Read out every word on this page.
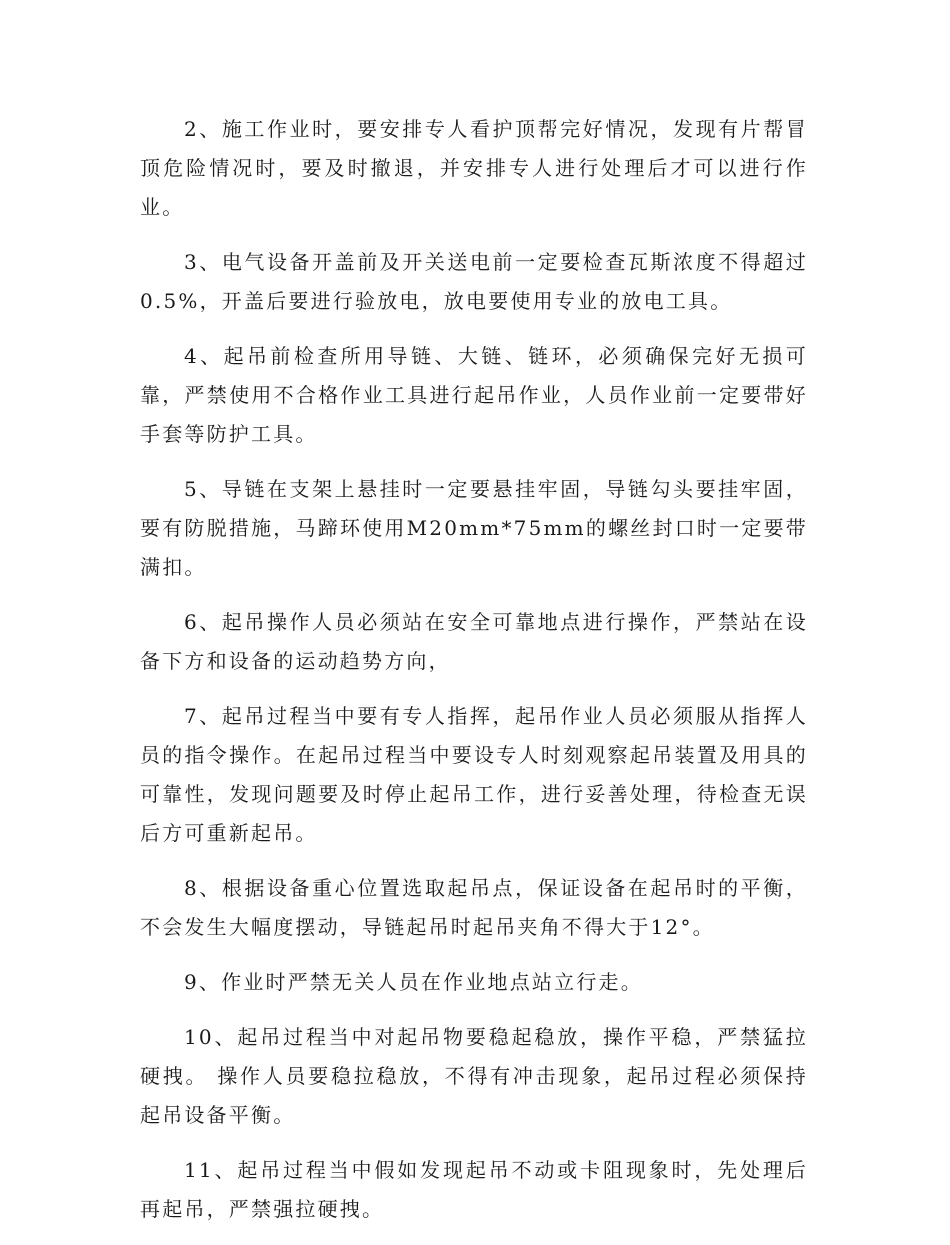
2、施工作业时，要安排专人看护顶帮完好情况，发现有片帮冒顶危险情况时，要及时撤退，并安排专人进行处理后才可以进行作业。

3、电气设备开盖前及开关送电前一定要检查瓦斯浓度不得超过0.5%，开盖后要进行验放电，放电要使用专业的放电工具。

4、起吊前检查所用导链、大链、链环，必须确保完好无损可靠，严禁使用不合格作业工具进行起吊作业，人员作业前一定要带好手套等防护工具。

5、导链在支架上悬挂时一定要悬挂牢固，导链勾头要挂牢固，要有防脱措施，马蹄环使用M20mm*75mm的螺丝封口时一定要带满扣。

6、起吊操作人员必须站在安全可靠地点进行操作，严禁站在设备下方和设备的运动趋势方向，

7、起吊过程当中要有专人指挥，起吊作业人员必须服从指挥人员的指令操作。在起吊过程当中要设专人时刻观察起吊装置及用具的可靠性，发现问题要及时停止起吊工作，进行妥善处理，待检查无误后方可重新起吊。

8、根据设备重心位置选取起吊点，保证设备在起吊时的平衡，不会发生大幅度摆动，导链起吊时起吊夹角不得大于12°。

9、作业时严禁无关人员在作业地点站立行走。

10、起吊过程当中对起吊物要稳起稳放，操作平稳，严禁猛拉硬拽。 操作人员要稳拉稳放，不得有冲击现象，起吊过程必须保持起吊设备平衡。

11、起吊过程当中假如发现起吊不动或卡阻现象时，先处理后再起吊，严禁强拉硬拽。
